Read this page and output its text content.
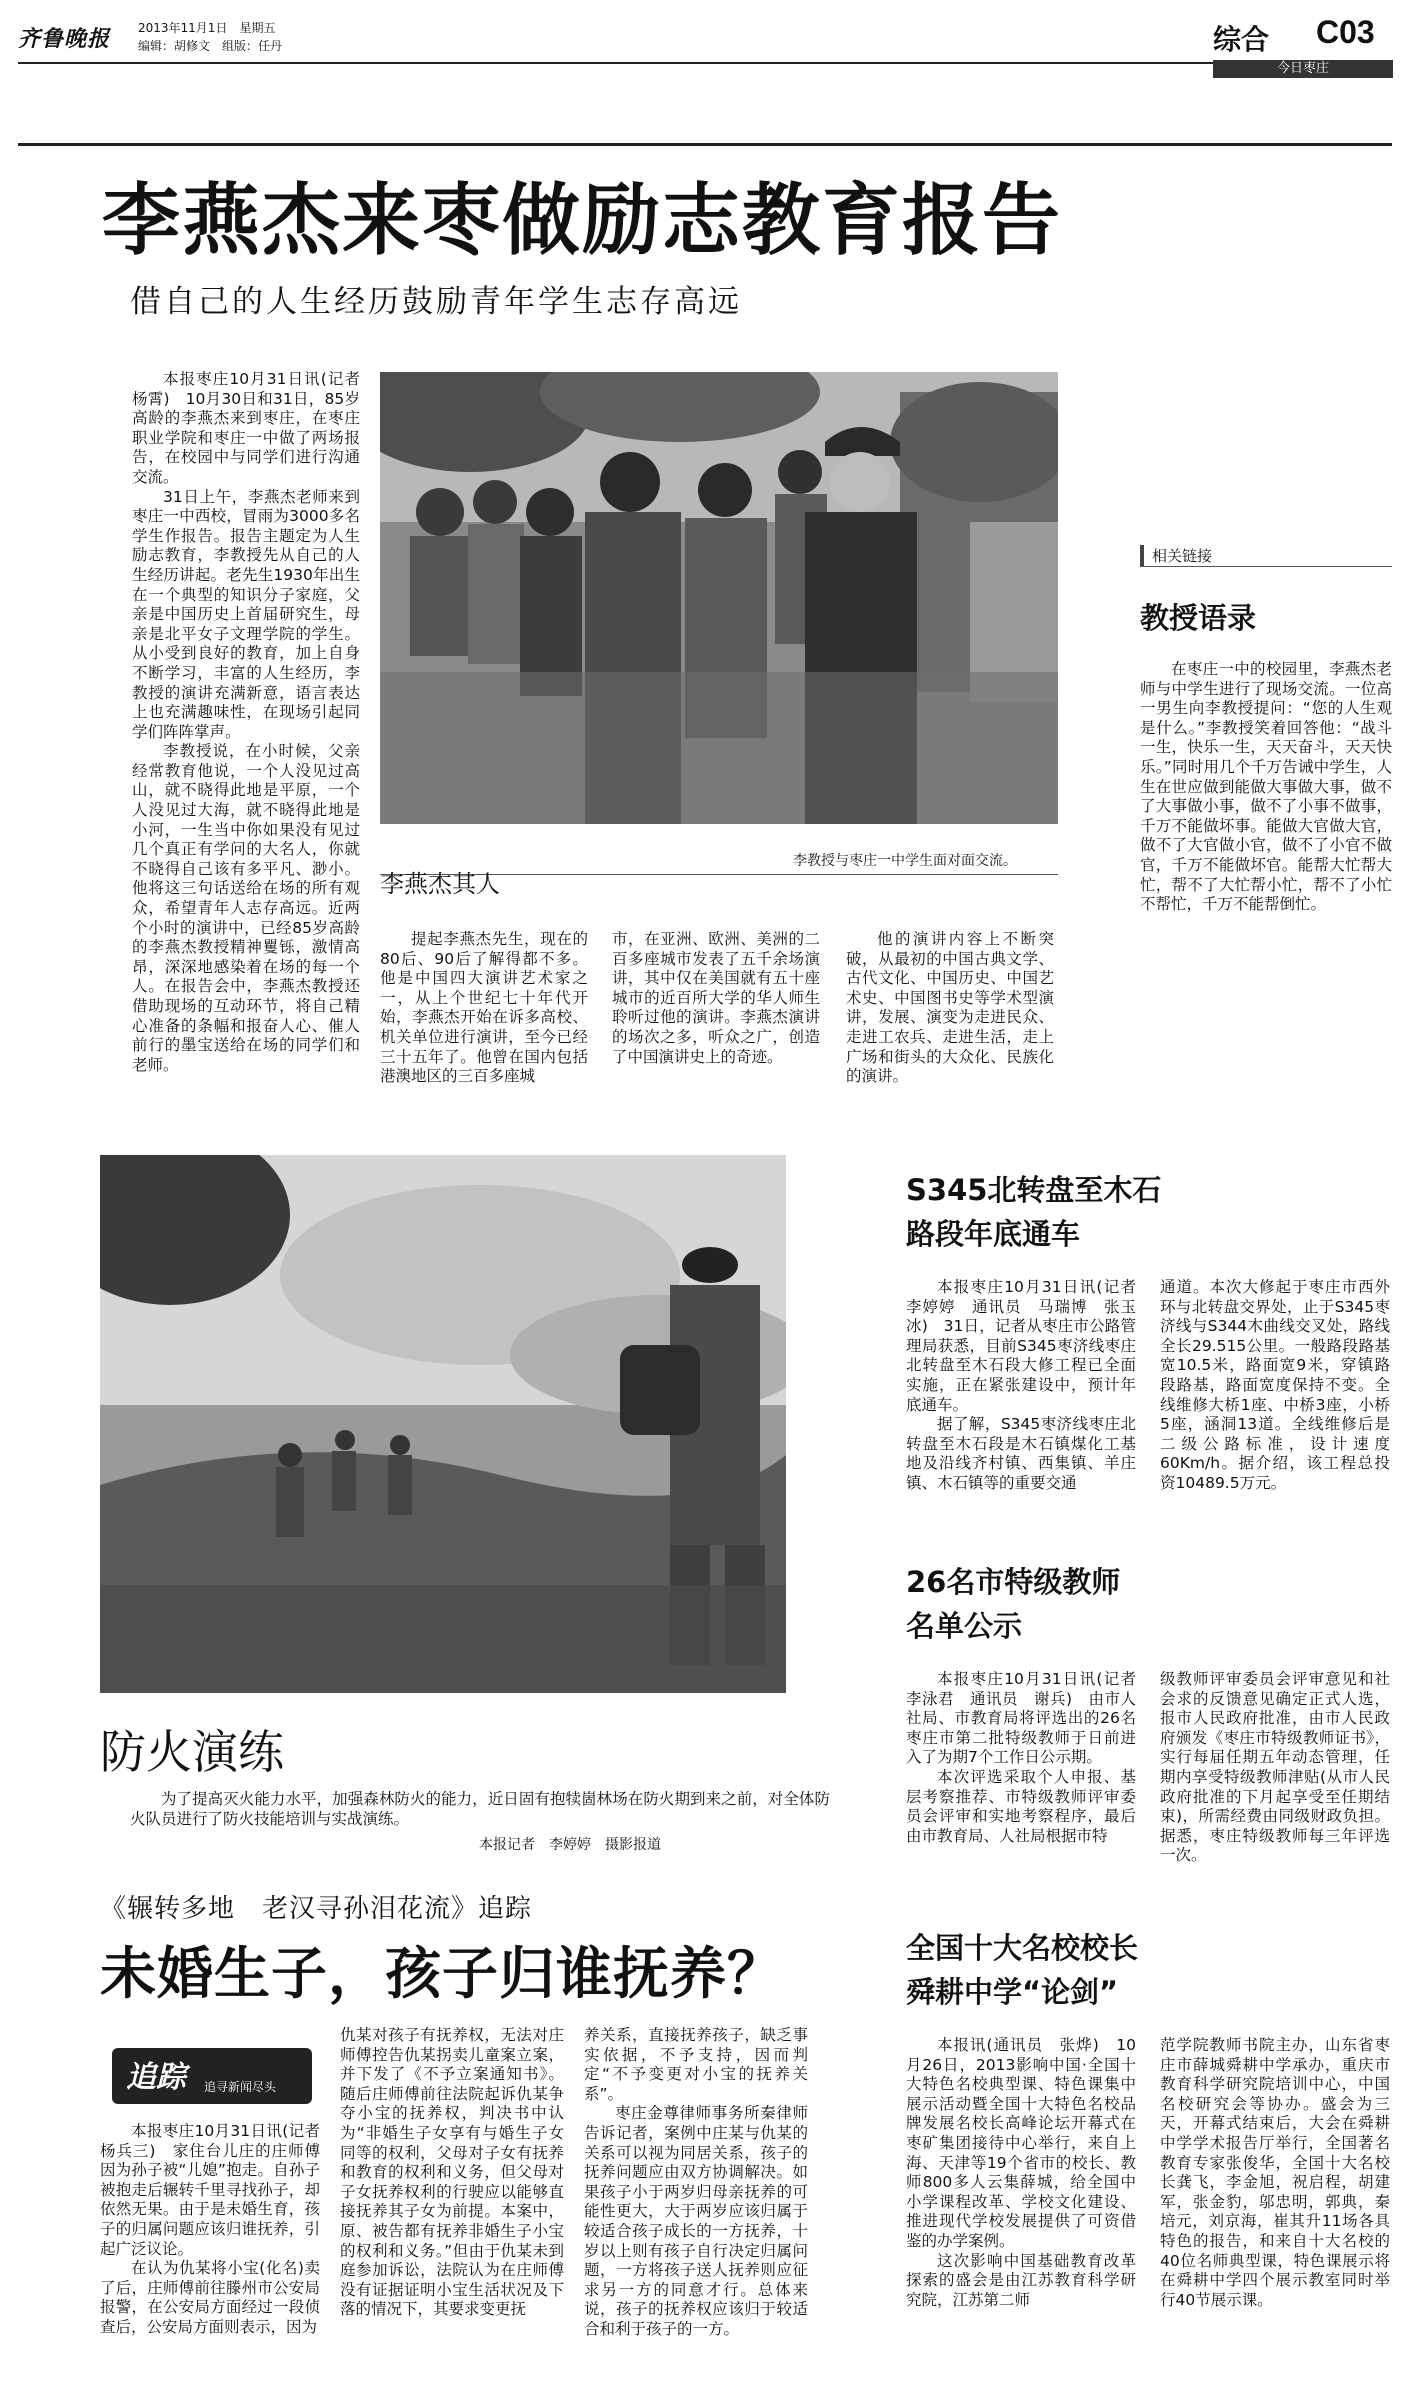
齐鲁晚报 2013年11月1日　星期五
编辑：胡修文　组版：任丹	综合 C03
今日枣庄
李燕杰来枣做励志教育报告
借自己的人生经历鼓励青年学生志存高远

本报枣庄10月31日讯(记者　杨霄)　10月30日和31日，85岁高龄的李燕杰来到枣庄，在枣庄职业学院和枣庄一中做了两场报告，在校园中与同学们进行沟通交流。

31日上午，李燕杰老师来到枣庄一中西校，冒雨为3000多名学生作报告。报告主题定为人生励志教育，李教授先从自己的人生经历讲起。老先生1930年出生在一个典型的知识分子家庭，父亲是中国历史上首届研究生，母亲是北平女子文理学院的学生。从小受到良好的教育，加上自身不断学习，丰富的人生经历，李教授的演讲充满新意，语言表达上也充满趣味性，在现场引起同学们阵阵掌声。

李教授说，在小时候，父亲经常教育他说，一个人没见过高山，就不晓得此地是平原，一个人没见过大海，就不晓得此地是小河，一生当中你如果没有见过几个真正有学问的大名人，你就不晓得自己该有多平凡、渺小。他将这三句话送给在场的所有观众，希望青年人志存高远。近两个小时的演讲中，已经85岁高龄的李燕杰教授精神矍铄，激情高昂，深深地感染着在场的每一个人。在报告会中，李燕杰教授还借助现场的互动环节，将自己精心准备的条幅和报奋人心、催人前行的墨宝送给在场的同学们和老师。

李教授与枣庄一中学生面对面交流。
李燕杰其人
提起李燕杰先生，现在的80后、90后了解得都不多。他是中国四大演讲艺术家之一，从上个世纪七十年代开始，李燕杰开始在诉多高校、机关单位进行演讲，至今已经三十五年了。他曾在国内包括港澳地区的三百多座城
市，在亚洲、欧洲、美洲的二百多座城市发表了五千余场演讲，其中仅在美国就有五十座城市的近百所大学的华人师生聆听过他的演讲。李燕杰演讲的场次之多，听众之广，创造了中国演讲史上的奇迹。
他的演讲内容上不断突破，从最初的中国古典文学、古代文化、中国历史、中国艺术史、中国图书史等学术型演讲，发展、演变为走进民众、走进工农兵、走进生活，走上广场和街头的大众化、民族化的演讲。
相关链接
教授语录
在枣庄一中的校园里，李燕杰老师与中学生进行了现场交流。一位高一男生向李教授提问：“您的人生观是什么。”李教授笑着回答他：“战斗一生，快乐一生，天天奋斗，天天快乐。”同时用几个千万告诫中学生，人生在世应做到能做大事做大事，做不了大事做小事，做不了小事不做事，千万不能做坏事。能做大官做大官，做不了大官做小官，做不了小官不做官，千万不能做坏官。能帮大忙帮大忙，帮不了大忙帮小忙，帮不了小忙不帮忙，千万不能帮倒忙。
防火演练
为了提高灭火能力水平，加强森林防火的能力，近日固有抱犊崮林场在防火期到来之前，对全体防火队员进行了防火技能培训与实战演练。
本报记者　李婷婷　摄影报道
S345北转盘至木石
路段年底通车

本报枣庄10月31日讯(记者　李婷婷　通讯员　马瑞博　张玉冰)　31日，记者从枣庄市公路管理局获悉，目前S345枣济线枣庄北转盘至木石段大修工程已全面实施，正在紧张建设中，预计年底通车。

据了解，S345枣济线枣庄北转盘至木石段是木石镇煤化工基地及沿线齐村镇、西集镇、羊庄镇、木石镇等的重要交通

通道。本次大修起于枣庄市西外环与北转盘交界处，止于S345枣济线与S344木曲线交叉处，路线全长29.515公里。一般路段路基宽10.5米，路面宽9米，穿镇路段路基，路面宽度保持不变。全线维修大桥1座、中桥3座，小桥5座，涵洞13道。全线维修后是二级公路标准，设计速度60Km/h。据介绍，该工程总投资10489.5万元。
26名市特级教师
名单公示

本报枣庄10月31日讯(记者　李泳君　通讯员　谢兵)　由市人社局、市教育局将评选出的26名枣庄市第二批特级教师于日前进入了为期7个工作日公示期。

本次评选采取个人申报、基层考察推荐、市特级教师评审委员会评审和实地考察程序，最后由市教育局、人社局根据市特

级教师评审委员会评审意见和社会求的反馈意见确定正式人选，报市人民政府批准，由市人民政府颁发《枣庄市特级教师证书》，实行每届任期五年动态管理，任期内享受特级教师津贴(从市人民政府批准的下月起享受至任期结束)，所需经费由同级财政负担。据悉，枣庄特级教师每三年评选一次。
《辗转多地　老汉寻孙泪花流》追踪
未婚生子，孩子归谁抚养？
追踪 追寻新闻尽头

本报枣庄10月31日讯(记者　杨兵三)　家住台儿庄的庄师傅因为孙子被“儿媳”抱走。自孙子被抱走后辗转千里寻找孙子，却依然无果。由于是未婚生育，孩子的归属问题应该归谁抚养，引起广泛议论。

在认为仇某将小宝(化名)卖了后，庄师傅前往滕州市公安局报警，在公安局方面经过一段侦查后，公安局方面则表示，因为

仇某对孩子有抚养权，无法对庄师傅控告仇某拐卖儿童案立案，并下发了《不予立案通知书》。随后庄师傅前往法院起诉仇某争夺小宝的抚养权，判决书中认为“非婚生子女享有与婚生子女同等的权利，父母对子女有抚养和教育的权利和义务，但父母对子女抚养权利的行驶应以能够直接抚养其子女为前提。本案中，原、被告都有抚养非婚生子小宝的权利和义务。”但由于仇某未到庭参加诉讼，法院认为在庄师傅没有证据证明小宝生活状况及下落的情况下，其要求变更抚

养关系，直接抚养孩子，缺乏事实依据，不予支持，因而判定“不予变更对小宝的抚养关系”。

枣庄金尊律师事务所秦律师告诉记者，案例中庄某与仇某的关系可以视为同居关系，孩子的抚养问题应由双方协调解决。如果孩子小于两岁归母亲抚养的可能性更大，大于两岁应该归属于较适合孩子成长的一方抚养，十岁以上则有孩子自行决定归属问题，一方将孩子送人抚养则应征求另一方的同意才行。总体来说，孩子的抚养权应该归于较适合和利于孩子的一方。

全国十大名校校长
舜耕中学“论剑”

本报讯(通讯员　张烨)　10月26日，2013影响中国·全国十大特色名校典型课、特色课集中展示活动暨全国十大特色名校品牌发展名校长高峰论坛开幕式在枣矿集团接待中心举行，来自上海、天津等19个省市的校长、教师800多人云集薛城，给全国中小学课程改革、学校文化建设、推进现代学校发展提供了可资借鉴的办学案例。

这次影响中国基础教育改革探索的盛会是由江苏教育科学研究院，江苏第二师

范学院教师书院主办，山东省枣庄市薛城舜耕中学承办，重庆市教育科学研究院培训中心，中国名校研究会等协办。盛会为三天，开幕式结束后，大会在舜耕中学学术报告厅举行，全国著名教育专家张俊华，全国十大名校长龚飞，李金旭，祝启程，胡建军，张金豹，邬忠明，郭典，秦培元，刘京海，崔其升11场各具特色的报告，和来自十大名校的40位名师典型课，特色课展示将在舜耕中学四个展示教室同时举行40节展示课。
